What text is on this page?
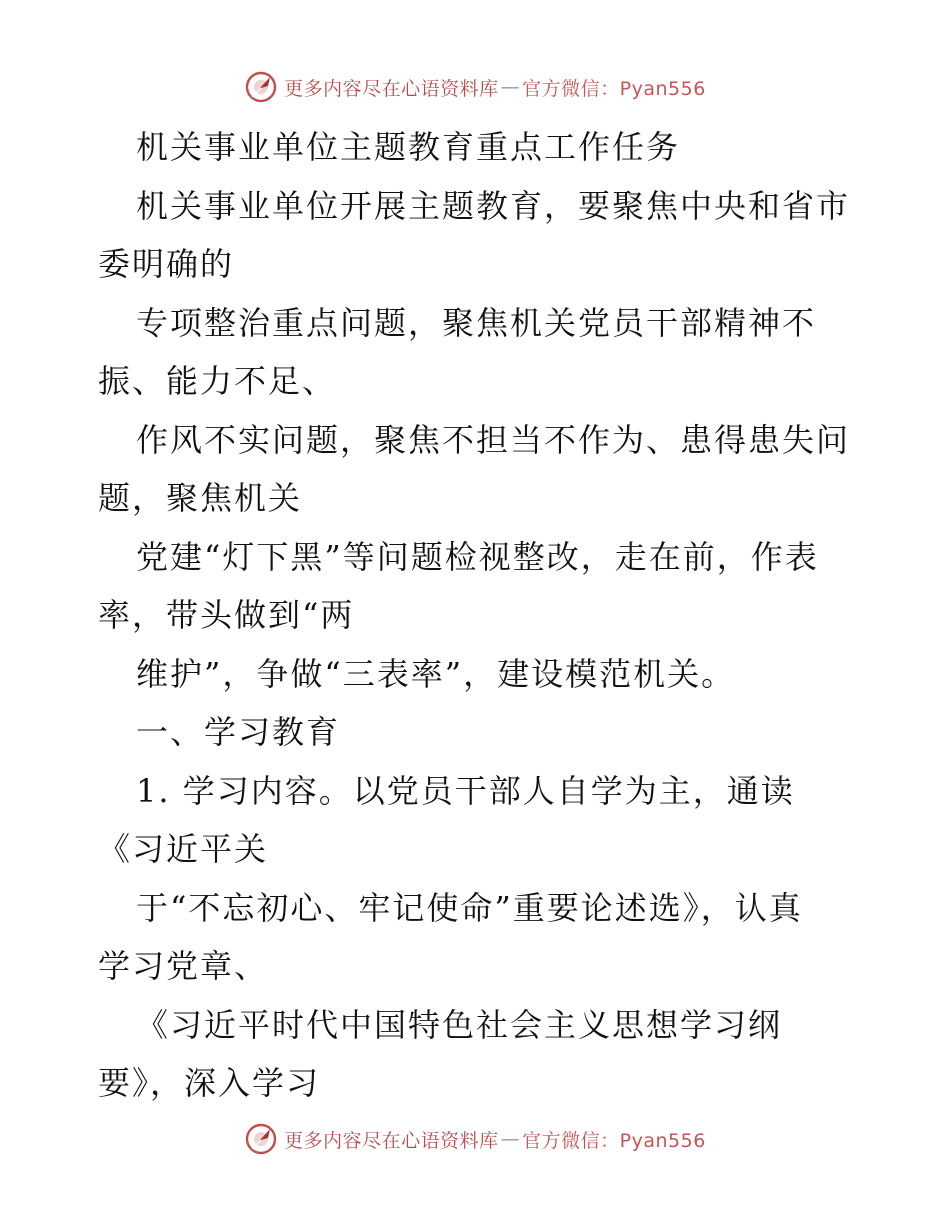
更多内容尽在心语资料库 — 官方微信：Pyan556
机关事业单位主题教育重点工作任务
机关事业单位开展主题教育，要聚焦中央和省市
委明确的
专项整治重点问题，聚焦机关党员干部精神不
振、能力不足、
作风不实问题，聚焦不担当不作为、患得患失问
题，聚焦机关
党建“灯下黑”等问题检视整改，走在前，作表
率，带头做到“两
维护”，争做“三表率”，建设模范机关。
一、学习教育
1. 学习内容。以党员干部人自学为主，通读
《习近平关
于“不忘初心、牢记使命”重要论述选》，认真
学习党章、
《习近平时代中国特色社会主义思想学习纲
要》，深入学习
更多内容尽在心语资料库 — 官方微信：Pyan556
